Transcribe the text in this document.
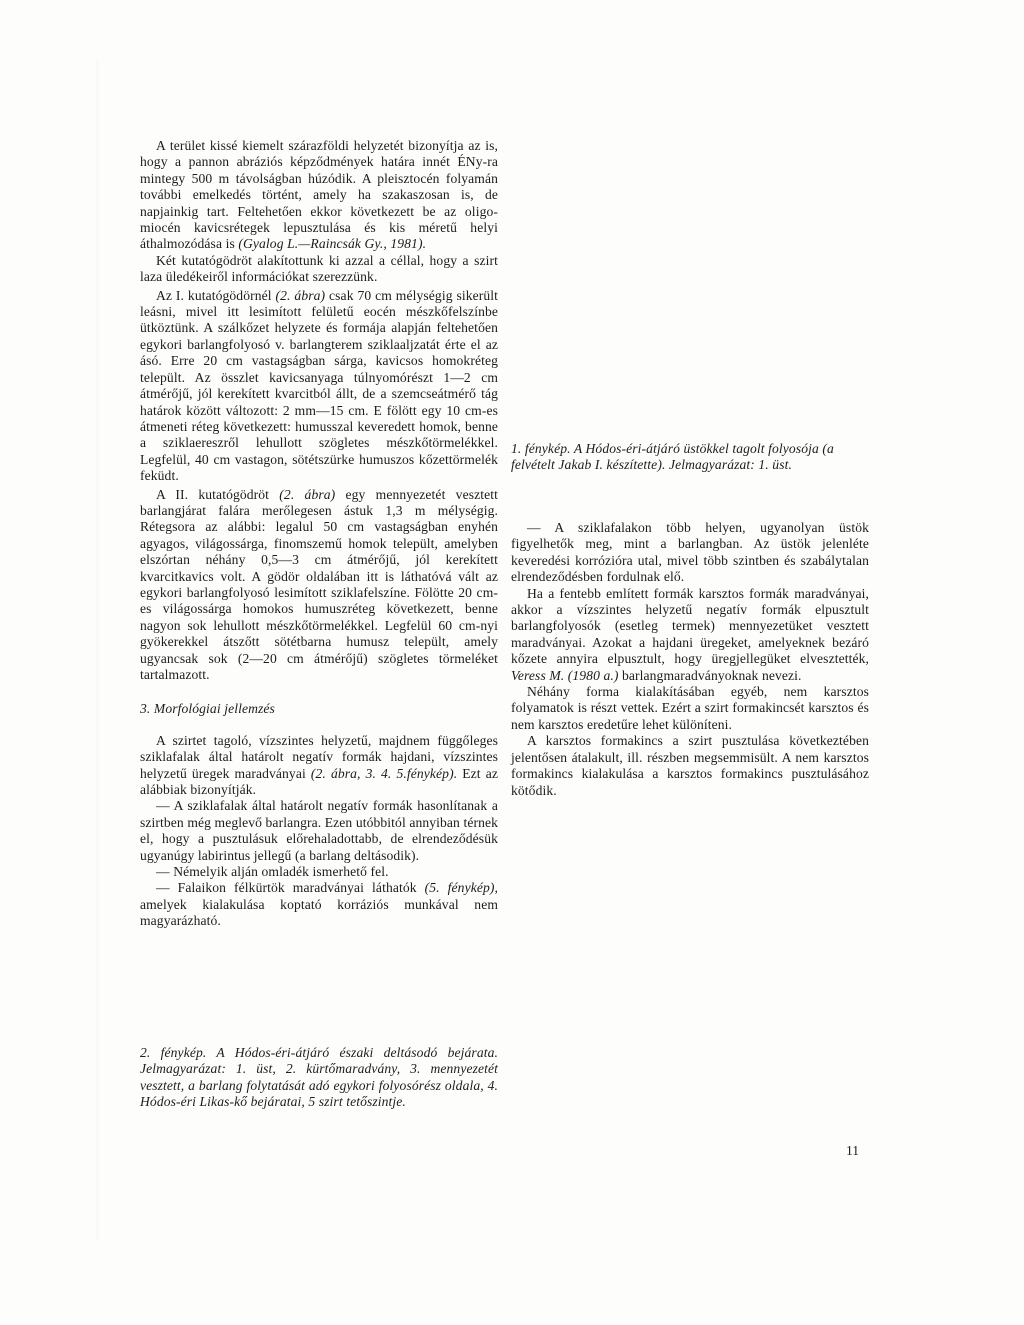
A terület kissé kiemelt szárazföldi helyzetét bizonyítja az is, hogy a pannon abráziós képződmények határa innét ÉNy-ra mintegy 500 m távolságban húzódik. A pleisztocén folyamán további emelkedés történt, amely ha szakaszosan is, de napjainkig tart. Feltehetően ekkor következett be az oligo-miocén kavicsrétegek lepusztulása és kis méretű helyi áthalmozódása is (Gyalog L.—Raincsák Gy., 1981).

Két kutatógödröt alakítottunk ki azzal a céllal, hogy a szirt laza üledékeiről információkat szerezzünk.

Az I. kutatógödörnél (2. ábra) csak 70 cm mélységig sikerült leásni, mivel itt lesimított felületű eocén mészkőfelszínbe ütköztünk. A szálkőzet helyzete és formája alapján feltehetően egykori barlangfolyosó v. barlangterem sziklaaljzatát érte el az ásó. Erre 20 cm vastagságban sárga, kavicsos homokréteg települt. Az összlet kavicsanyaga túlnyomórészt 1—2 cm átmérőjű, jól kerekített kvarcitból állt, de a szemcseátmérő tág határok között változott: 2 mm—15 cm. E fölött egy 10 cm-es átmeneti réteg következett: humusszal keveredett homok, benne a sziklaereszről lehullott szögletes mészkőtörmelékkel. Legfelül, 40 cm vastagon, sötétszürke humuszos kőzettörmelék feküdt.

A II. kutatógödröt (2. ábra) egy mennyezetét vesztett barlangjárat falára merőlegesen ástuk 1,3 m mélységig. Rétegsora az alábbi: legalul 50 cm vastagságban enyhén agyagos, világossárga, finomszemű homok települt, amelyben elszórtan néhány 0,5—3 cm átmérőjű, jól kerekített kvarcitkavics volt. A gödör oldalában itt is láthatóvá vált az egykori barlangfolyosó lesimított sziklafelszíne. Fölötte 20 cm-es világossárga homokos humuszréteg következett, benne nagyon sok lehullott mészkőtörmelékkel. Legfelül 60 cm-nyi gyökerekkel átszőtt sötétbarna humusz települt, amely ugyancsak sok (2—20 cm átmérőjű) szögletes törmeléket tartalmazott.

3. Morfológiai jellemzés

A szirtet tagoló, vízszintes helyzetű, majdnem függőleges sziklafalak által határolt negatív formák hajdani, vízszintes helyzetű üregek maradványai (2. ábra, 3. 4. 5.fénykép). Ezt az alábbiak bizonyítják.

— A sziklafalak által határolt negatív formák hasonlítanak a szirtben még meglevő barlangra. Ezen utóbbitól annyiban térnek el, hogy a pusztulásuk előrehaladottabb, de elrendeződésük ugyanúgy labirintus jellegű (a barlang deltásodik).

— Némelyik alján omladék ismerhető fel.

— Falaikon félkürtök maradványai láthatók (5. fénykép), amelyek kialakulása koptató korráziós munkával nem magyarázható.

1. fénykép. A Hódos-éri-átjáró üstökkel tagolt folyosója (a felvételt Jakab I. készítette). Jelmagyarázat: 1. üst.

— A sziklafalakon több helyen, ugyanolyan üstök figyelhetők meg, mint a barlangban. Az üstök jelenléte keveredési korrózióra utal, mivel több szintben és szabálytalan elrendeződésben fordulnak elő.

Ha a fentebb említett formák karsztos formák maradványai, akkor a vízszintes helyzetű negatív formák elpusztult barlangfolyosók (esetleg termek) mennyezetüket vesztett maradványai. Azokat a hajdani üregeket, amelyeknek bezáró kőzete annyira elpusztult, hogy üregjellegüket elvesztették, Veress M. (1980 a.) barlangmaradványoknak nevezi.

Néhány forma kialakításában egyéb, nem karsztos folyamatok is részt vettek. Ezért a szirt formakincsét karsztos és nem karsztos eredetűre lehet különíteni.

A karsztos formakincs a szirt pusztulása következtében jelentősen átalakult, ill. részben megsemmisült. A nem karsztos formakincs kialakulása a karsztos formakincs pusztulásához kötődik.

2. fénykép. A Hódos-éri-átjáró északi deltásodó bejárata. Jelmagyarázat: 1. üst, 2. kürtőmaradvány, 3. mennyezetét vesztett, a barlang folytatását adó egykori folyosórész oldala, 4. Hódos-éri Likas-kő bejáratai, 5 szirt tetőszintje.
11
